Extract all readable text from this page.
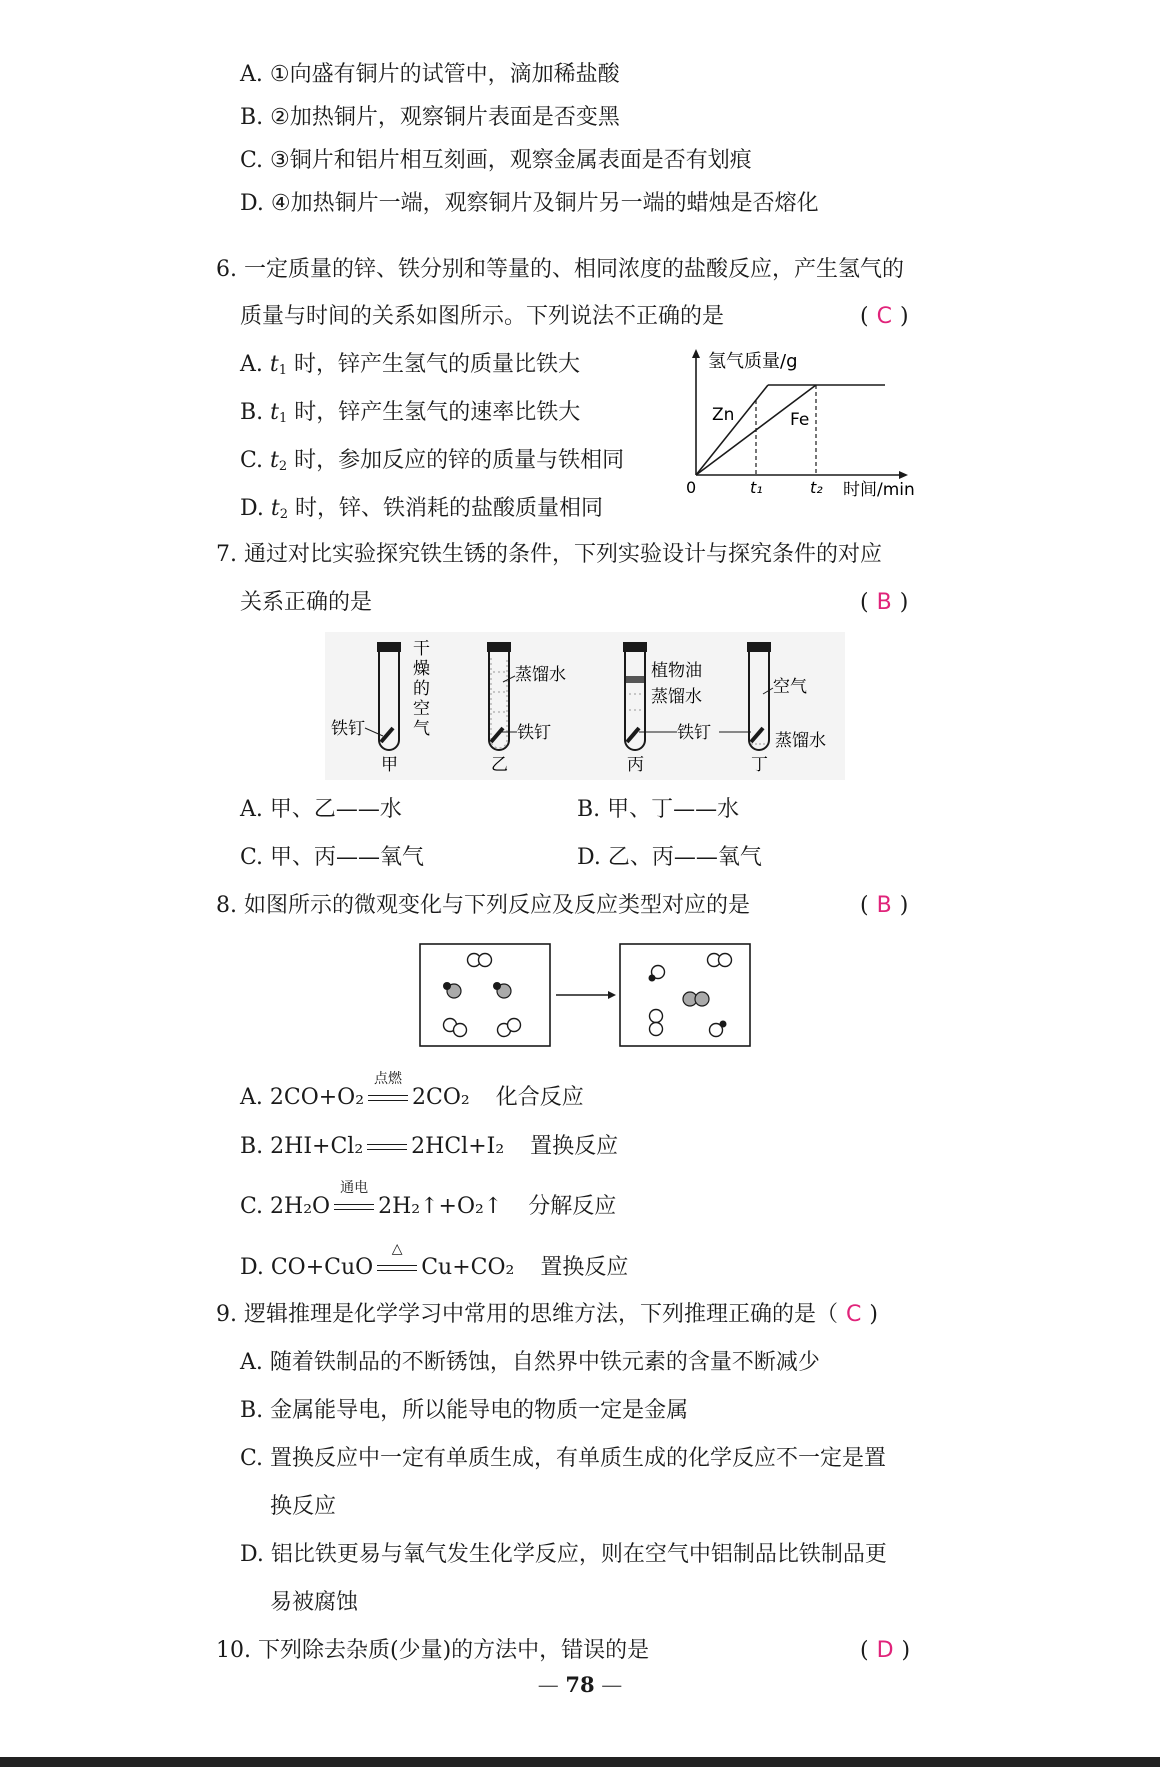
A. ①向盛有铜片的试管中，滴加稀盐酸
B. ②加热铜片，观察铜片表面是否变黑
C. ③铜片和铝片相互刻画，观察金属表面是否有划痕
D. ④加热铜片一端，观察铜片及铜片另一端的蜡烛是否熔化
6. 一定质量的锌、铁分别和等量的、相同浓度的盐酸反应，产生氢气的
质量与时间的关系如图所示。下列说法不正确的是	( C )
A. $t_1$ 时，锌产生氢气的质量比铁大
B. $t_1$ 时，锌产生氢气的速率比铁大
C. $t_2$ 时，参加反应的锌的质量与铁相同
D. $t_2$ 时，锌、铁消耗的盐酸质量相同
氢气质量/g
Zn	Fe
0	t₁	t₂ 时间/min
7. 通过对比实验探究铁生锈的条件，下列实验设计与探究条件的对应
关系正确的是	( B )
干
燥
的
空
气
铁钉
甲
蒸馏水
铁钉
乙
植物油
蒸馏水
铁钉
丙
空气
蒸馏水
丁
A. 甲、乙——水	B. 甲、丁——水
C. 甲、丙——氧气	D. 乙、丙——氧气
8. 如图所示的微观变化与下列反应及反应类型对应的是	( B )
A. 2CO+O₂
点燃
2CO₂ 化合反应
B. 2HI+Cl₂ 2HCl+I₂ 置换反应
C. 2H₂O
通电
2H₂↑+O₂↑ 分解反应
D. CO+CuO
△
Cu+CO₂ 置换反应
9. 逻辑推理是化学学习中常用的思维方法，下列推理正确的是（ C )
A. 随着铁制品的不断锈蚀，自然界中铁元素的含量不断减少
B. 金属能导电，所以能导电的物质一定是金属
C. 置换反应中一定有单质生成，有单质生成的化学反应不一定是置
换反应
D. 铝比铁更易与氧气发生化学反应，则在空气中铝制品比铁制品更
易被腐蚀
10. 下列除去杂质(少量)的方法中，错误的是	( D )
— 78 —
